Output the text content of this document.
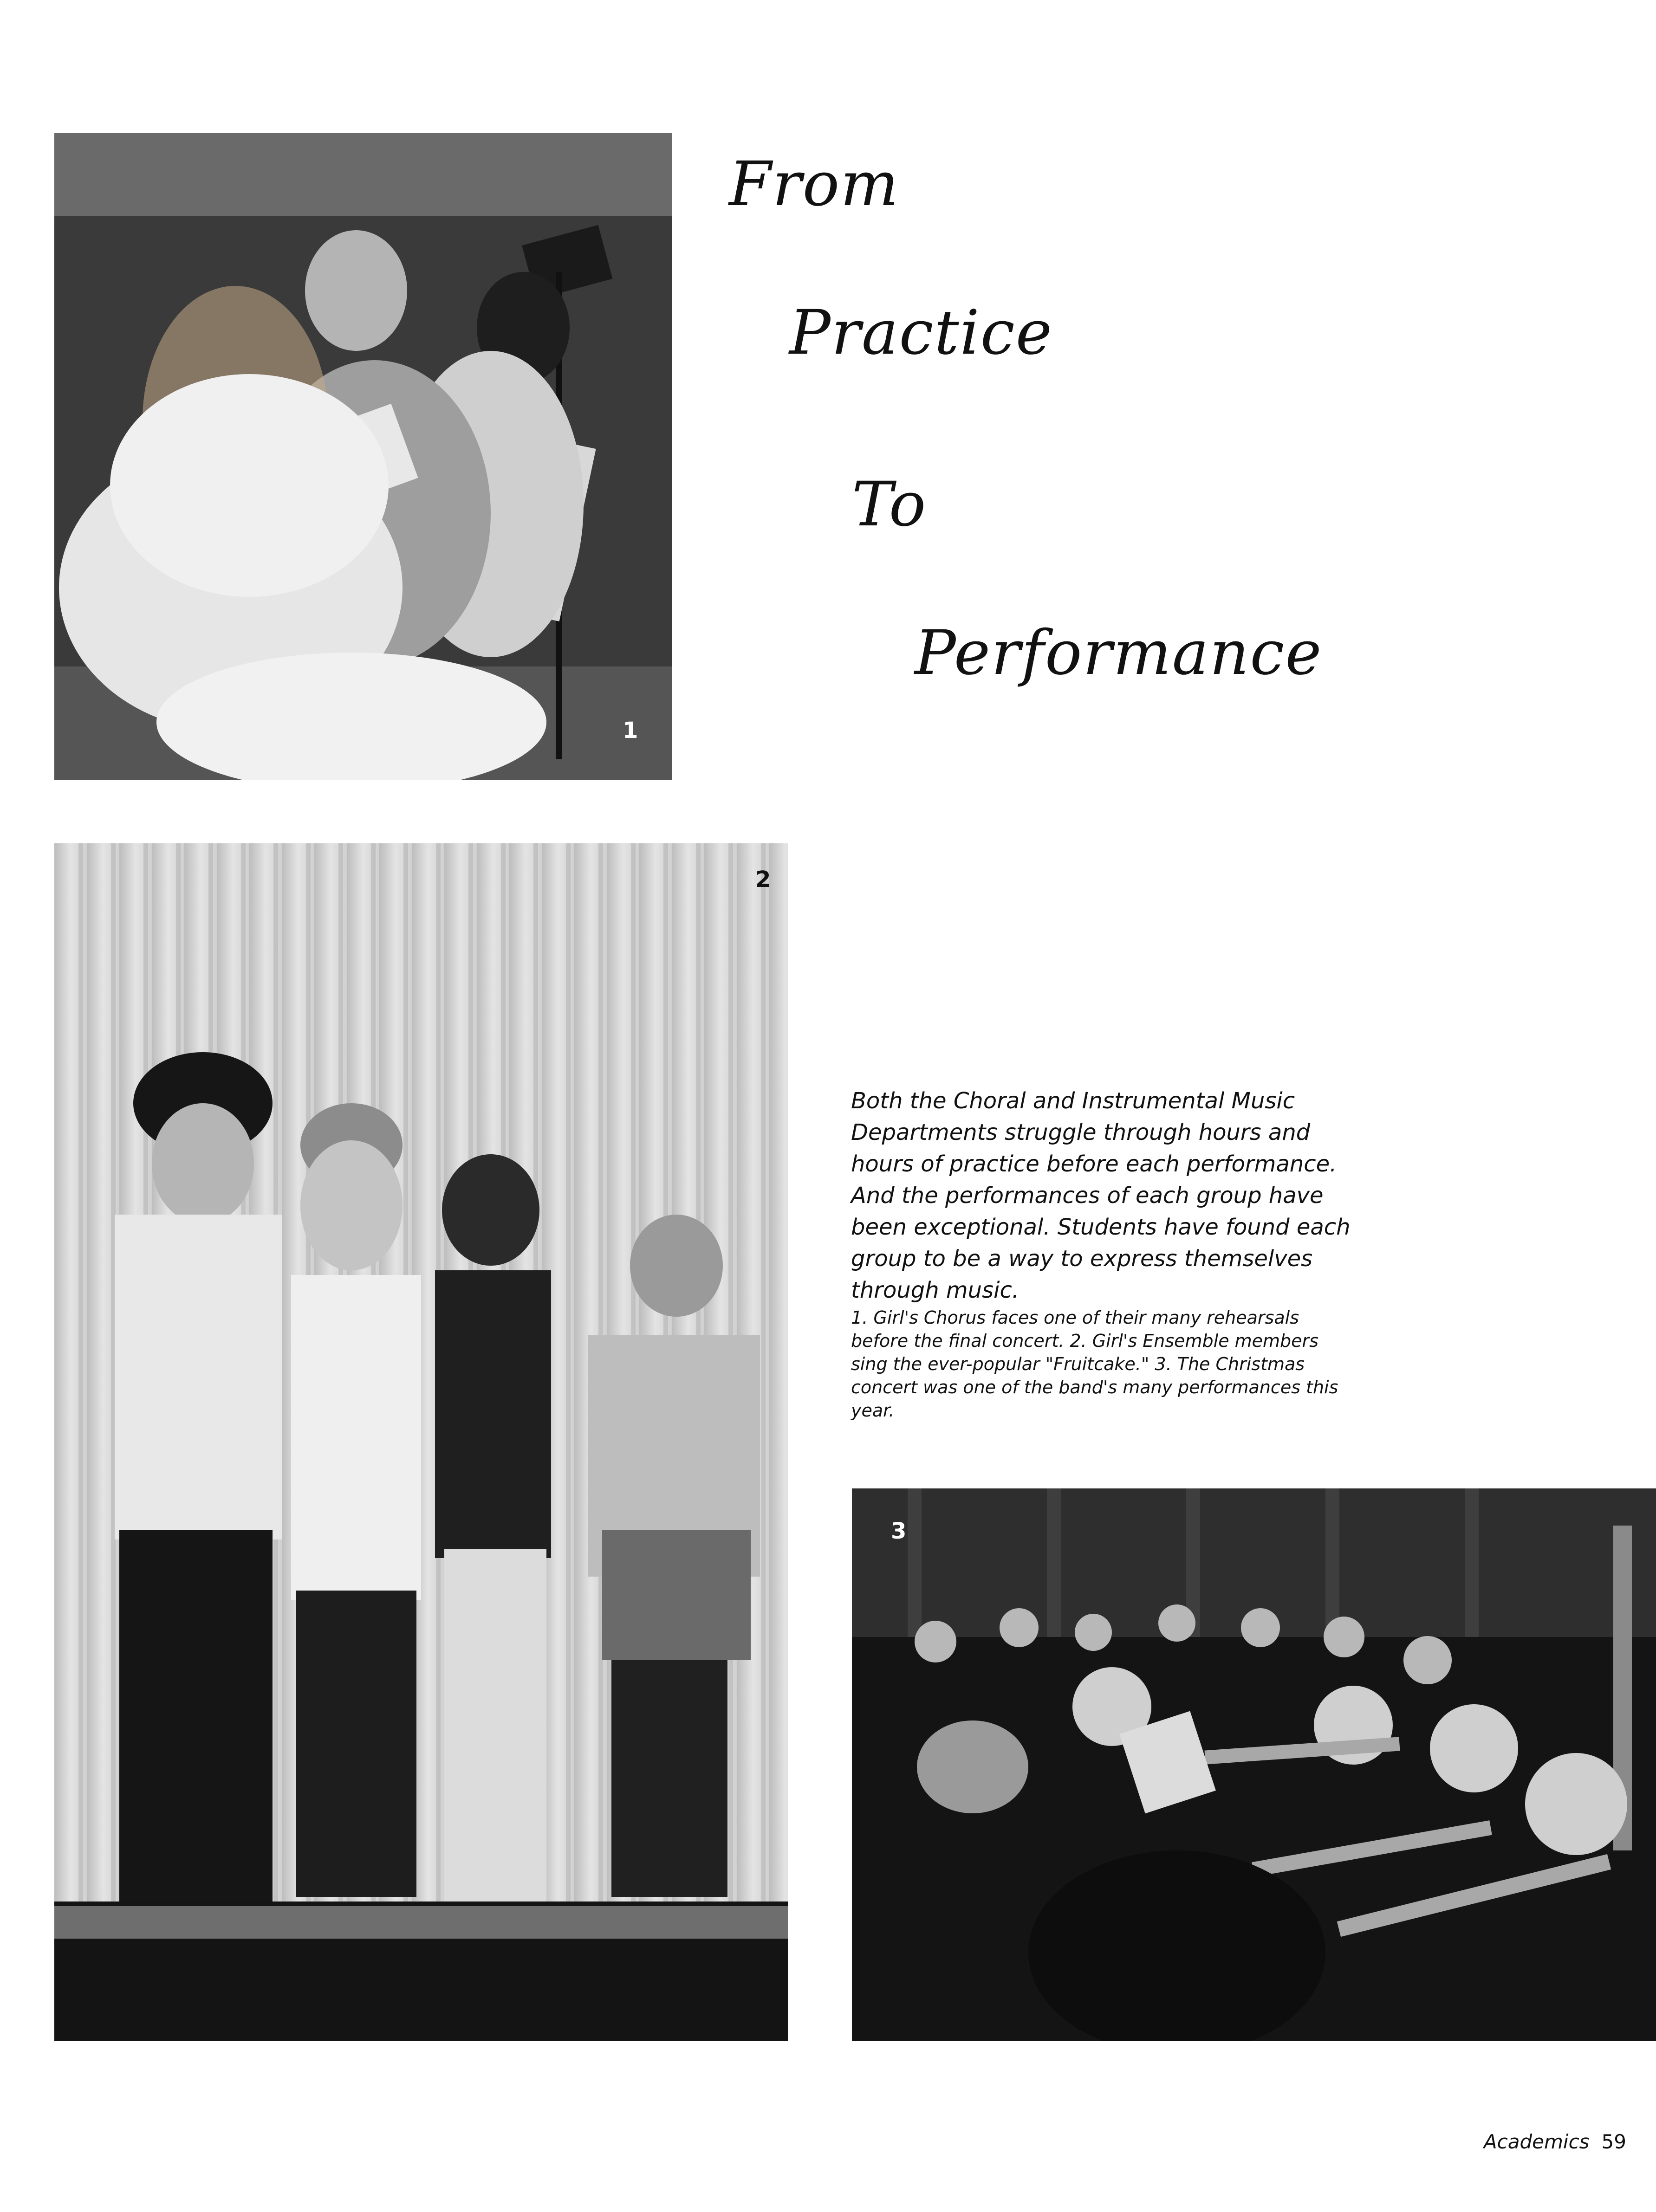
1
From
Practice
To
Performance
2

Both the Choral and Instrumental Music Departments struggle through hours and hours of practice before each performance. And the performances of each group have been exceptional. Students have found each group to be a way to express themselves through music.

1. Girl's Chorus faces one of their many rehearsals before the final concert. 2. Girl's Ensemble members sing the ever-popular "Fruitcake." 3. The Christmas concert was one of the band's many performances this year.

3
Academics 59
